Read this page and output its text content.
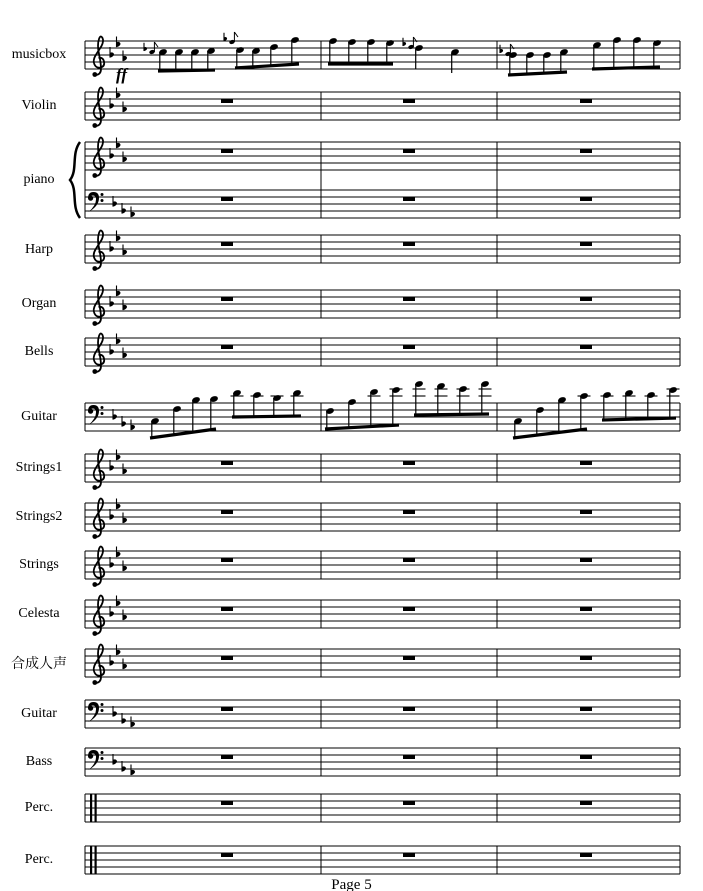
ff
musicbox
Violin
piano
Harp
Organ
Bells
Guitar
Strings1
Strings2
Strings
Celesta
合成人声
Guitar
Bass
Perc.
Perc.
Page 5
